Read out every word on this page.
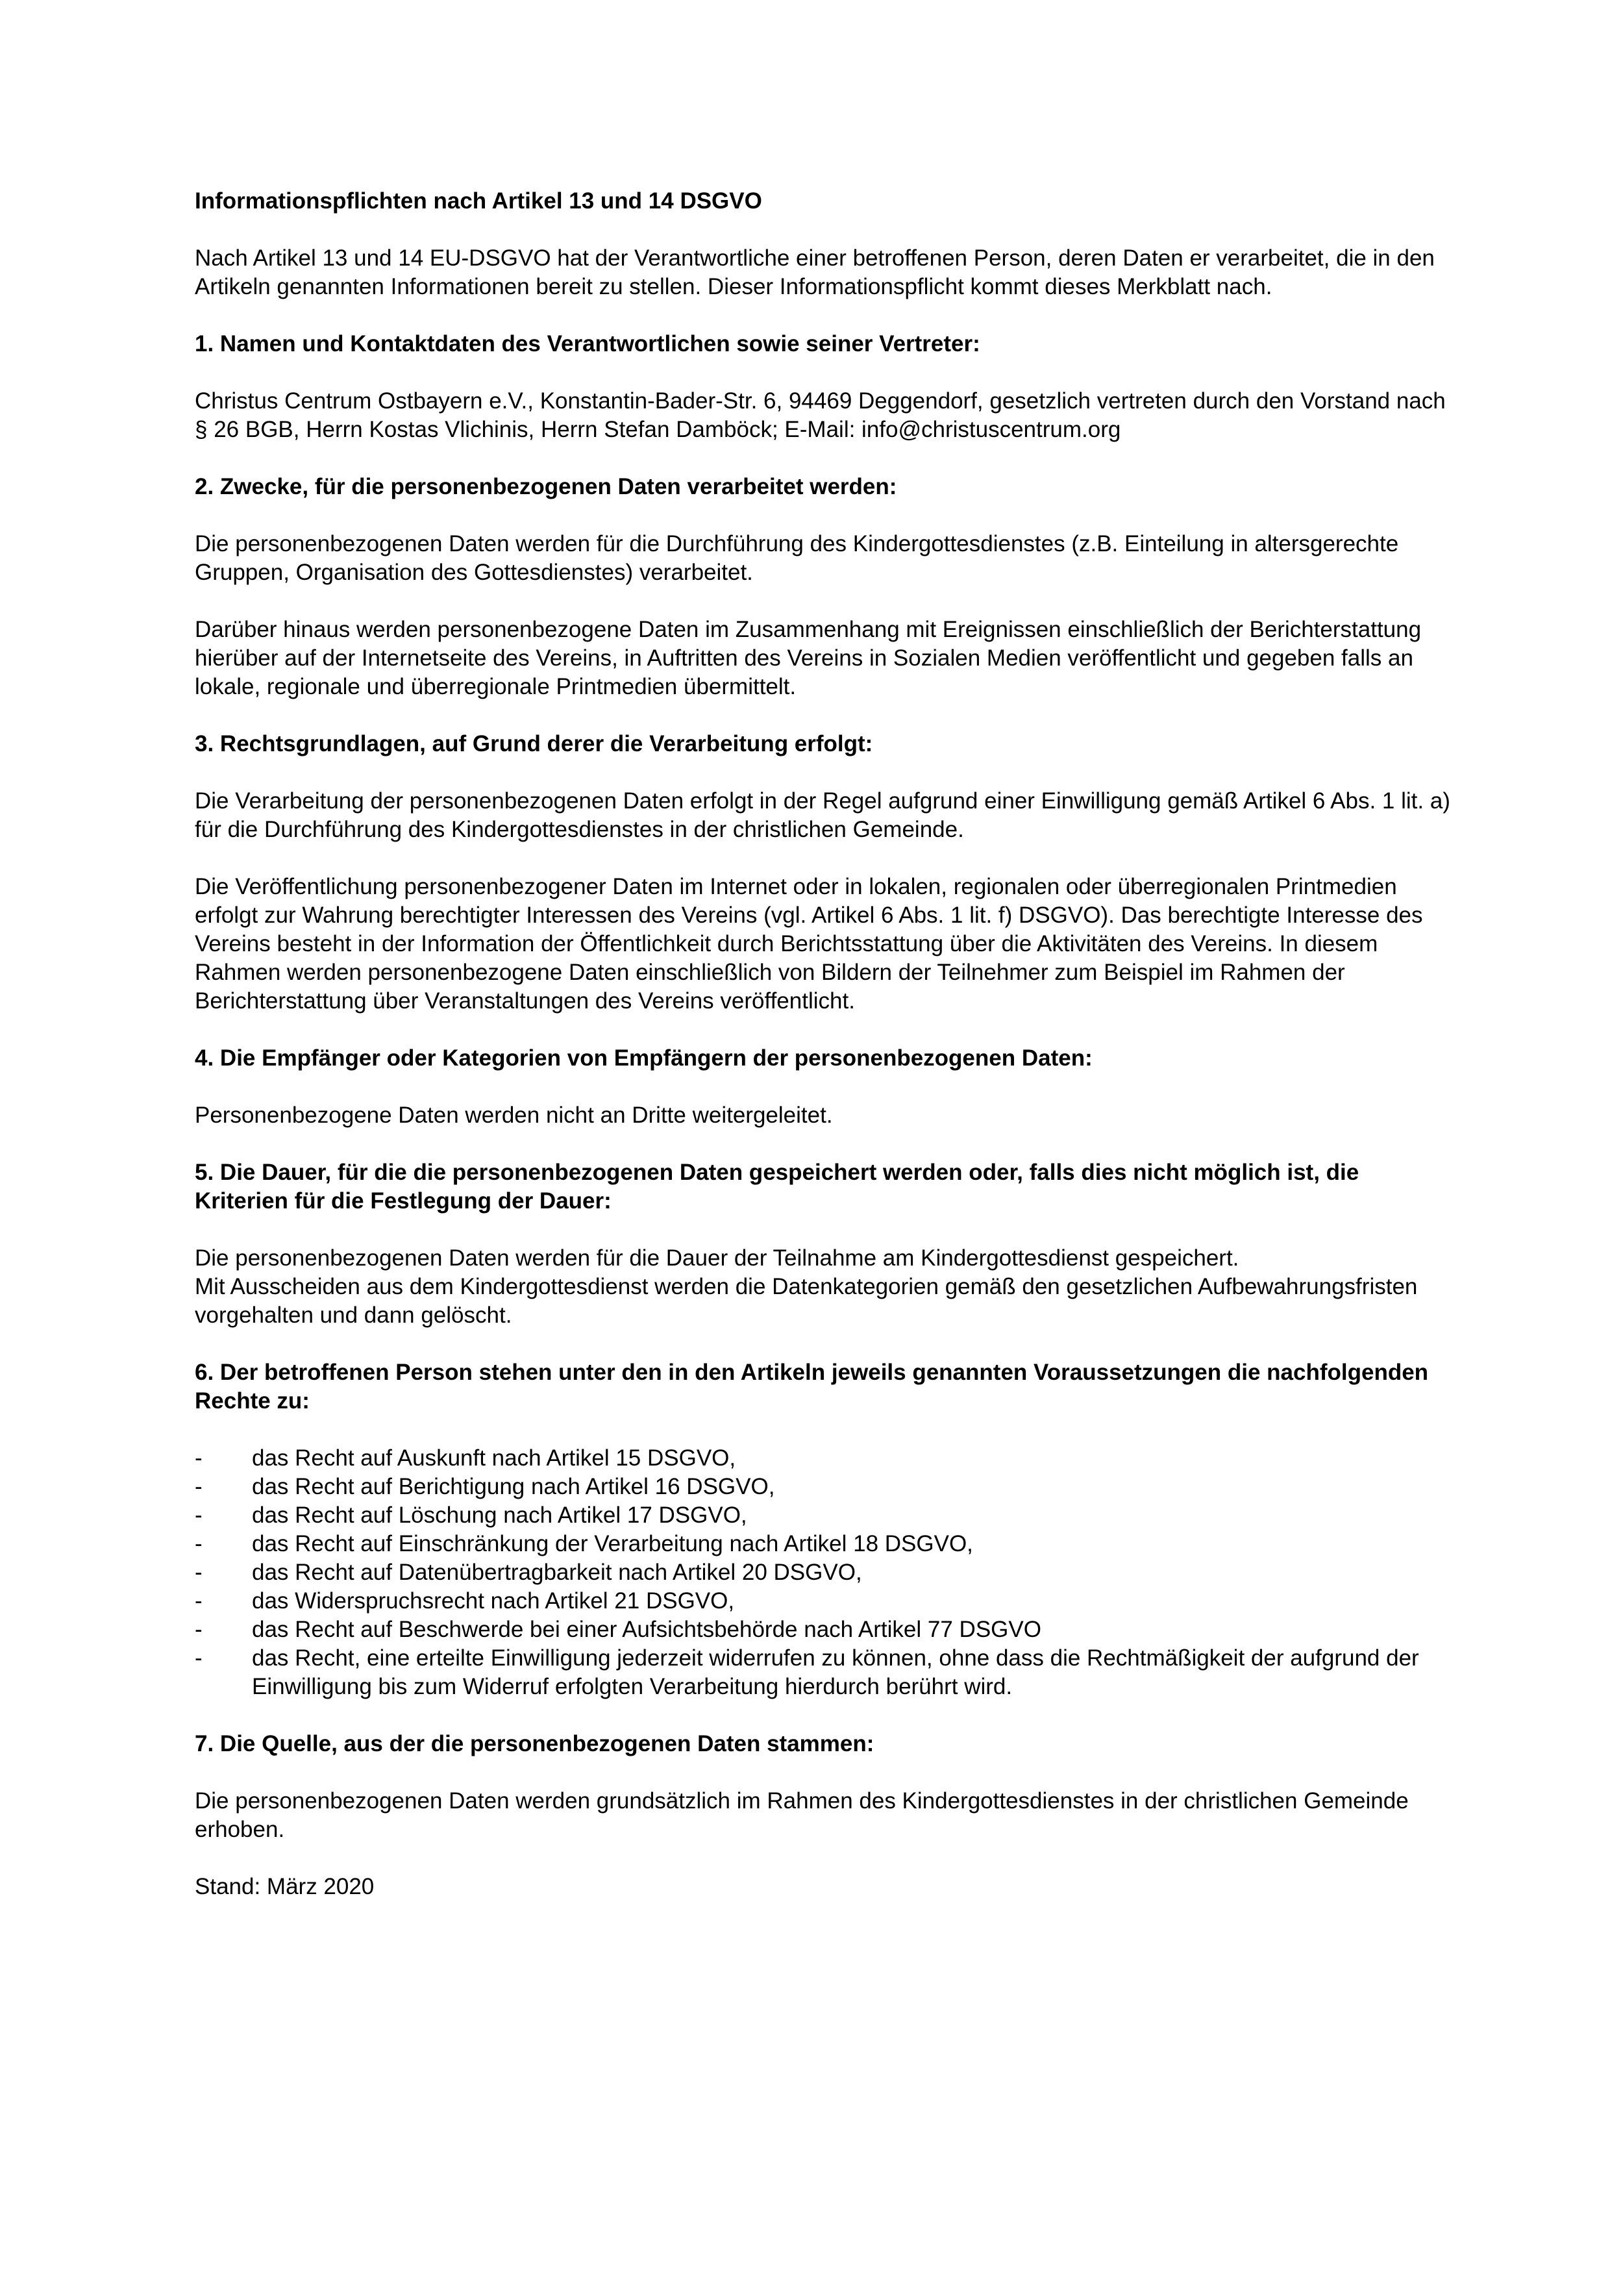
Informationspflichten nach Artikel 13 und 14 DSGVO

Nach Artikel 13 und 14 EU-DSGVO hat der Verantwortliche einer betroffenen Person, deren Daten er verarbeitet, die in den Artikeln genannten Informationen bereit zu stellen. Dieser Informationspflicht kommt dieses Merkblatt nach.

1. Namen und Kontaktdaten des Verantwortlichen sowie seiner Vertreter:

Christus Centrum Ostbayern e.V., Konstantin-Bader-Str. 6, 94469 Deggendorf, gesetzlich vertreten durch den Vorstand nach § 26 BGB, Herrn Kostas Vlichinis, Herrn Stefan Damböck; E-Mail: info@christuscentrum.org

2. Zwecke, für die personenbezogenen Daten verarbeitet werden:

Die personenbezogenen Daten werden für die Durchführung des Kindergottesdienstes (z.B. Einteilung in altersgerechte Gruppen, Organisation des Gottesdienstes) verarbeitet.

Darüber hinaus werden personenbezogene Daten im Zusammenhang mit Ereignissen einschließlich der Berichterstattung hierüber auf der Internetseite des Vereins, in Auftritten des Vereins in Sozialen Medien veröffentlicht und gegeben falls an lokale, regionale und überregionale Printmedien übermittelt.

3. Rechtsgrundlagen, auf Grund derer die Verarbeitung erfolgt:

Die Verarbeitung der personenbezogenen Daten erfolgt in der Regel aufgrund einer Einwilligung gemäß Artikel 6 Abs. 1 lit. a) für die Durchführung des Kindergottesdienstes in der christlichen Gemeinde.

Die Veröffentlichung personenbezogener Daten im Internet oder in lokalen, regionalen oder überregionalen Printmedien erfolgt zur Wahrung berechtigter Interessen des Vereins (vgl. Artikel 6 Abs. 1 lit. f) DSGVO). Das berechtigte Interesse des Vereins besteht in der Information der Öffentlichkeit durch Berichtsstattung über die Aktivitäten des Vereins. In diesem Rahmen werden personenbezogene Daten einschließlich von Bildern der Teilnehmer zum Beispiel im Rahmen der Berichterstattung über Veranstaltungen des Vereins veröffentlicht.

4. Die Empfänger oder Kategorien von Empfängern der personenbezogenen Daten:

Personenbezogene Daten werden nicht an Dritte weitergeleitet.

5. Die Dauer, für die die personenbezogenen Daten gespeichert werden oder, falls dies nicht möglich ist, die Kriterien für die Festlegung der Dauer:

Die personenbezogenen Daten werden für die Dauer der Teilnahme am Kindergottesdienst gespeichert.
Mit Ausscheiden aus dem Kindergottesdienst werden die Datenkategorien gemäß den gesetzlichen Aufbewahrungsfristen vorgehalten und dann gelöscht.

6. Der betroffenen Person stehen unter den in den Artikeln jeweils genannten Voraussetzungen die nachfolgenden Rechte zu:

- das Recht auf Auskunft nach Artikel 15 DSGVO,
- das Recht auf Berichtigung nach Artikel 16 DSGVO,
- das Recht auf Löschung nach Artikel 17 DSGVO,
- das Recht auf Einschränkung der Verarbeitung nach Artikel 18 DSGVO,
- das Recht auf Datenübertragbarkeit nach Artikel 20 DSGVO,
- das Widerspruchsrecht nach Artikel 21 DSGVO,
- das Recht auf Beschwerde bei einer Aufsichtsbehörde nach Artikel 77 DSGVO
- das Recht, eine erteilte Einwilligung jederzeit widerrufen zu können, ohne dass die Rechtmäßigkeit der aufgrund der Einwilligung bis zum Widerruf erfolgten Verarbeitung hierdurch berührt wird.

7. Die Quelle, aus der die personenbezogenen Daten stammen:

Die personenbezogenen Daten werden grundsätzlich im Rahmen des Kindergottesdienstes in der christlichen Gemeinde erhoben.

Stand: März 2020
